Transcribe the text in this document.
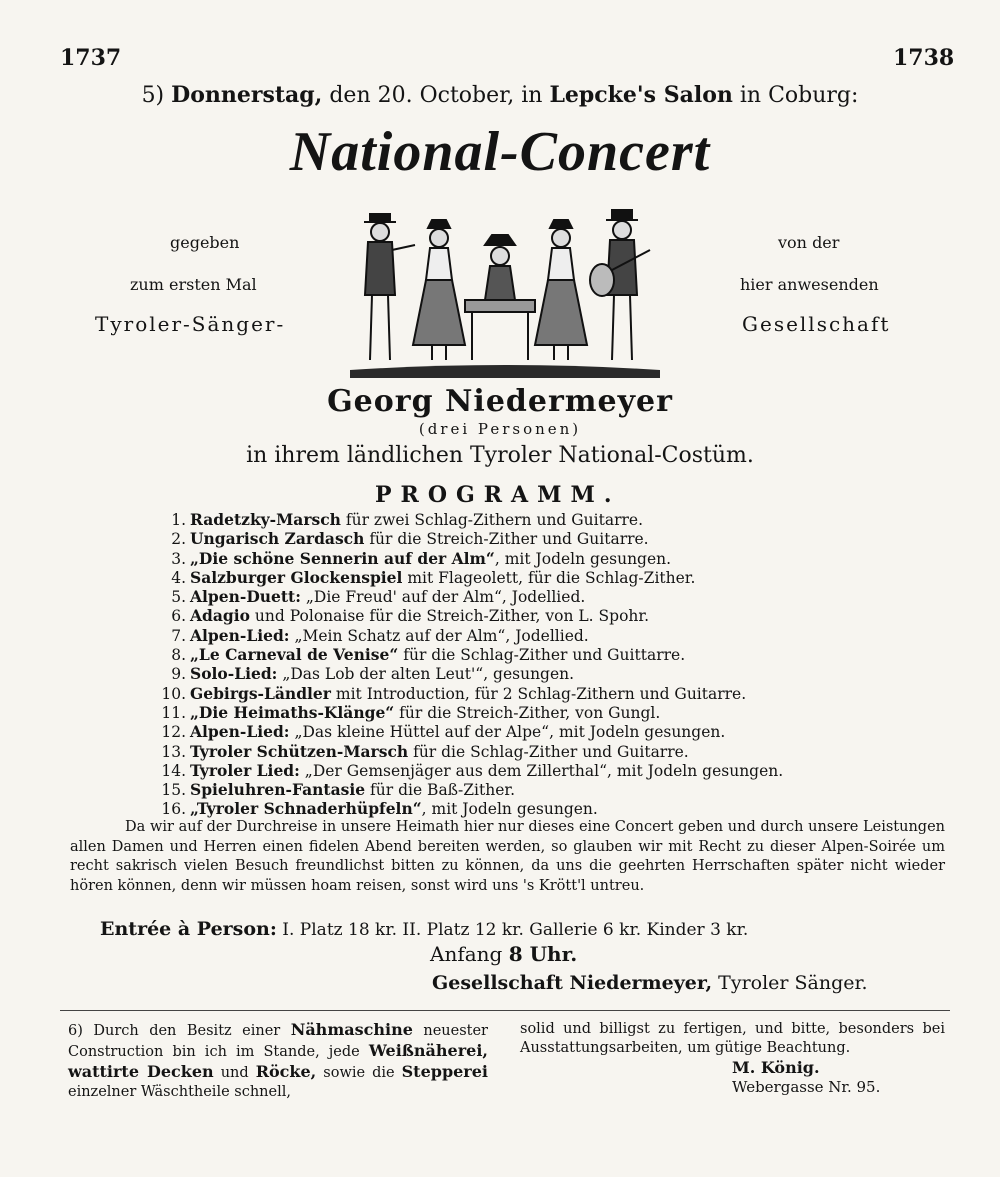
1737	1738
5) Donnerstag, den 20. October, in Lepcke's Salon in Coburg:
National-Concert
gegeben
zum ersten Mal
Tyroler-Sänger-
von der
hier anwesenden
Gesellschaft
Georg Niedermeyer
(drei Personen)
in ihrem ländlichen Tyroler National-Costüm.
PROGRAMM.
1. Radetzky-Marsch für zwei Schlag-Zithern und Guitarre.
2. Ungarisch Zardasch für die Streich-Zither und Guitarre.
3. „Die schöne Sennerin auf der Alm“, mit Jodeln gesungen.
4. Salzburger Glockenspiel mit Flageolett, für die Schlag-Zither.
5. Alpen-Duett: „Die Freud' auf der Alm“, Jodellied.
6. Adagio und Polonaise für die Streich-Zither, von L. Spohr.
7. Alpen-Lied: „Mein Schatz auf der Alm“, Jodellied.
8. „Le Carneval de Venise“ für die Schlag-Zither und Guittarre.
9. Solo-Lied: „Das Lob der alten Leut'“, gesungen.
10. Gebirgs-Ländler mit Introduction, für 2 Schlag-Zithern und Guitarre.
11. „Die Heimaths-Klänge“ für die Streich-Zither, von Gungl.
12. Alpen-Lied: „Das kleine Hüttel auf der Alpe“, mit Jodeln gesungen.
13. Tyroler Schützen-Marsch für die Schlag-Zither und Guitarre.
14. Tyroler Lied: „Der Gemsenjäger aus dem Zillerthal“, mit Jodeln gesungen.
15. Spieluhren-Fantasie für die Baß-Zither.
16. „Tyroler Schnaderhüpfeln“, mit Jodeln gesungen.
Da wir auf der Durchreise in unsere Heimath hier nur dieses eine Concert geben und durch unsere Leistungen allen Damen und Herren einen fidelen Abend bereiten werden, so glauben wir mit Recht zu dieser Alpen-Soirée um recht sakrisch vielen Besuch freundlichst bitten zu können, da uns die geehrten Herrschaften später nicht wieder hören können, denn wir müssen hoam reisen, sonst wird uns 's Krött'l untreu.
Entrée à Person: I. Platz 18 kr. II. Platz 12 kr. Gallerie 6 kr. Kinder 3 kr.
Anfang 8 Uhr.
Gesellschaft Niedermeyer, Tyroler Sänger.
6) Durch den Besitz einer Nähmaschine neuester Construction bin ich im Stande, jede Weißnäherei, wattirte Decken und Röcke, sowie die Stepperei einzelner Wäschtheile schnell,
solid und billigst zu fertigen, und bitte, besonders bei Ausstattungsarbeiten, um gütige Beachtung.
M. König.
Webergasse Nr. 95.
